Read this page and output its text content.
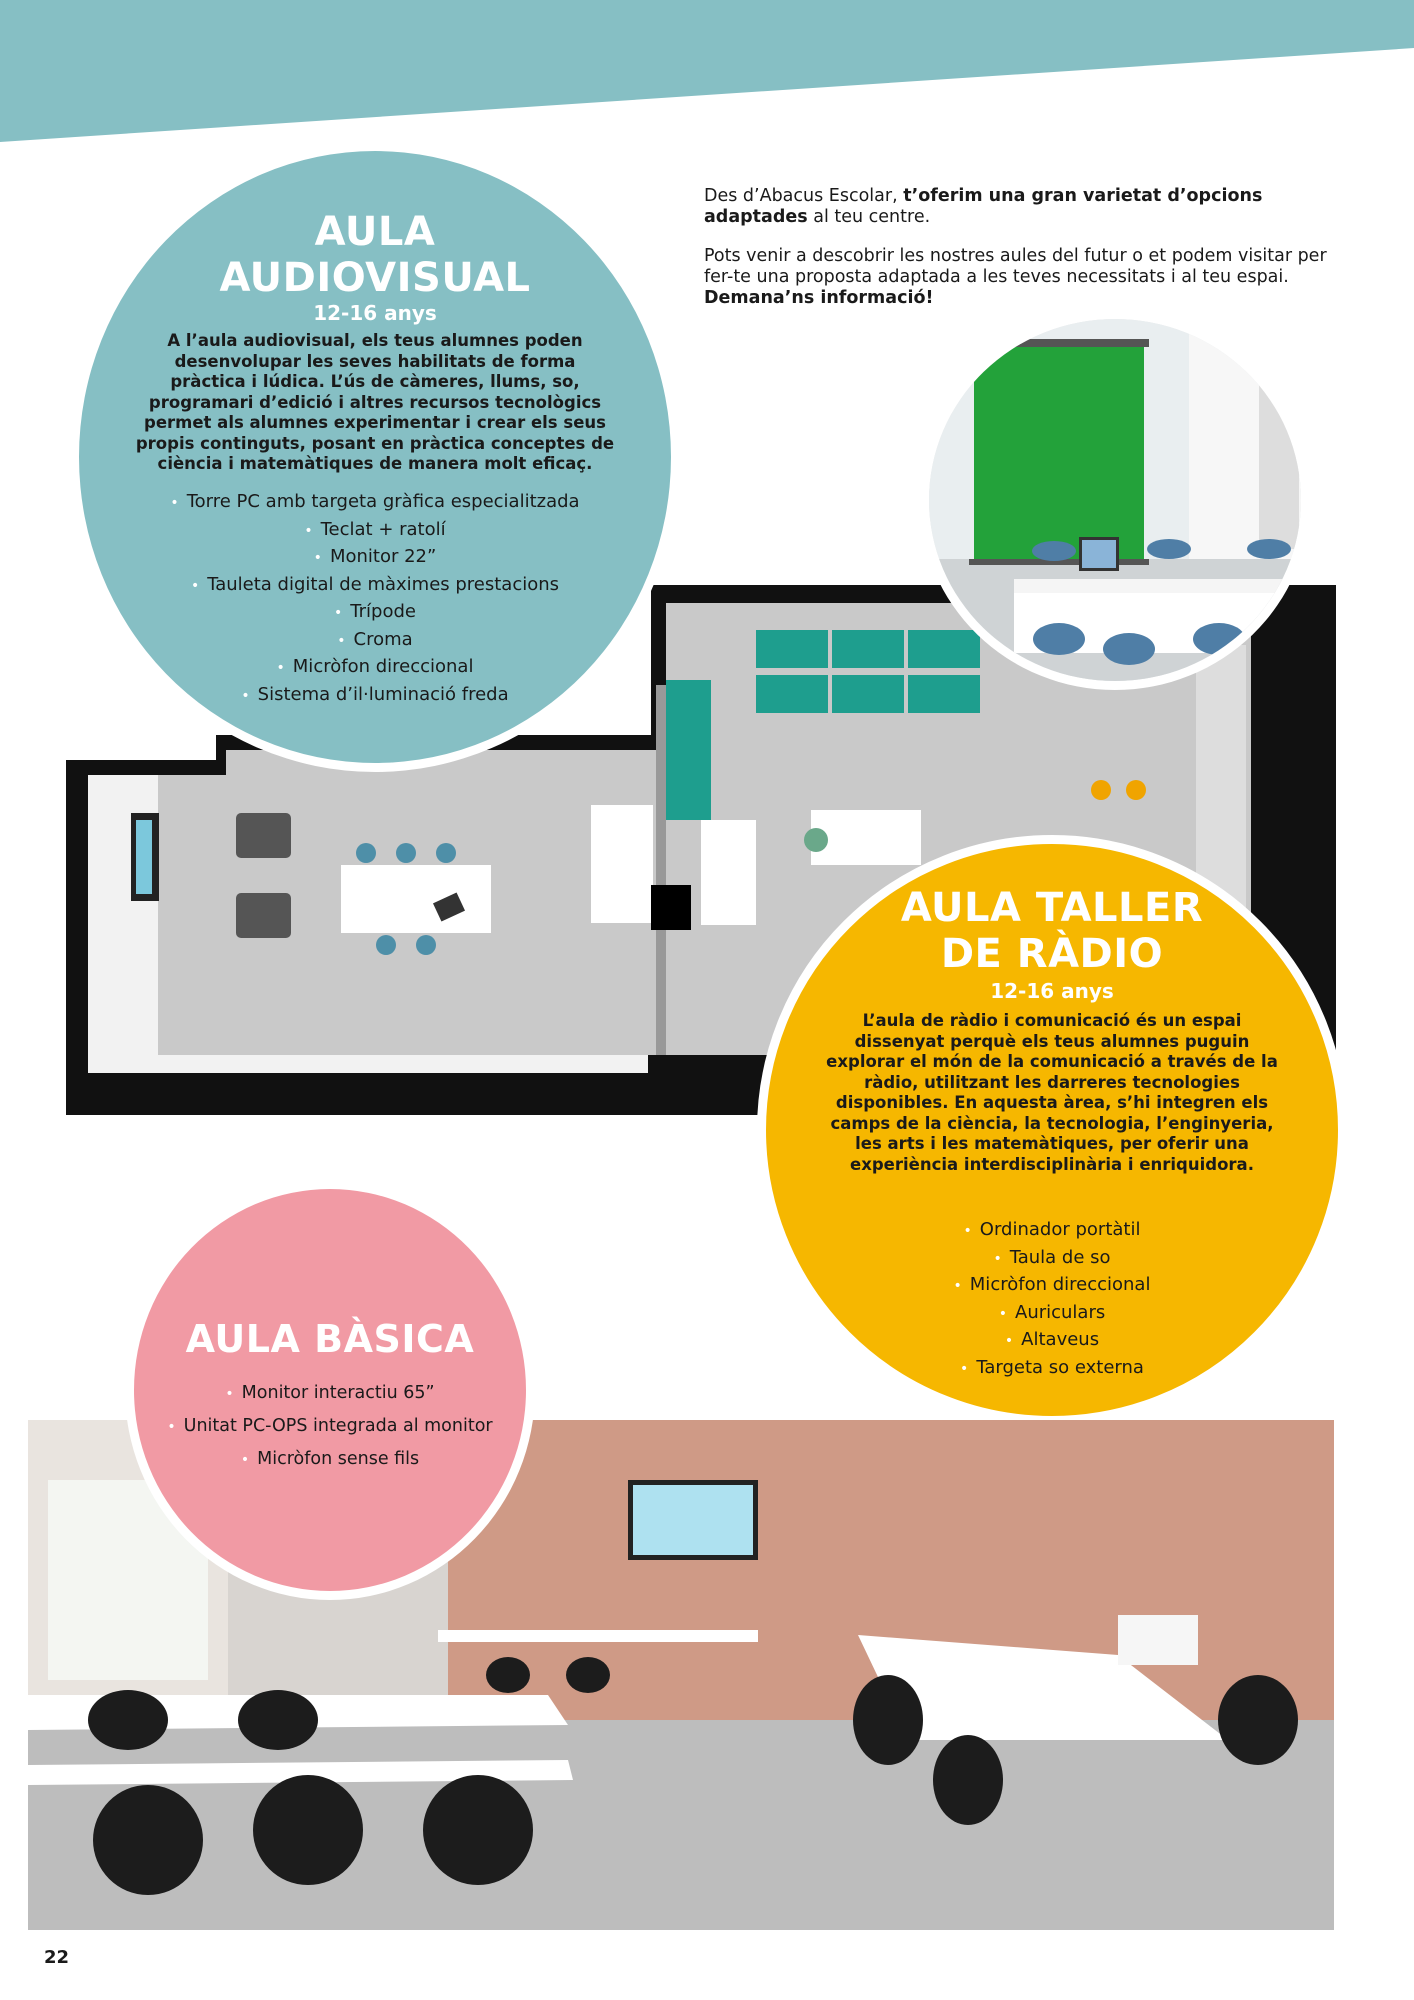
Des d’Abacus Escolar, t’oferim una gran varietat d’opcions adaptades al teu centre.

Pots venir a descobrir les nostres aules del futur o et podem visitar per fer-te una proposta adaptada a les teves necessitats i al teu espai.
Demana’ns informació!

AULA
AUDIOVISUAL
12-16 anys
A l’aula audiovisual, els teus alumnes poden desenvolupar les seves habilitats de forma pràctica i lúdica. L’ús de càmeres, llums, so, programari d’edició i altres recursos tecnològics permet als alumnes experimentar i crear els seus propis continguts, posant en pràctica conceptes de ciència i matemàtiques de manera molt eficaç.
• Torre PC amb targeta gràfica especialitzada
• Teclat + ratolí
• Monitor 22”
• Tauleta digital de màximes prestacions
• Trípode
• Croma
• Micròfon direccional
• Sistema d’il·luminació freda
AULA TALLER
DE RÀDIO
12-16 anys
L’aula de ràdio i comunicació és un espai dissenyat perquè els teus alumnes puguin explorar el món de la comunicació a través de la ràdio, utilitzant les darreres tecnologies disponibles. En aquesta àrea, s’hi integren els camps de la ciència, la tecnologia, l’enginyeria, les arts i les matemàtiques, per oferir una experiència interdisciplinària i enriquidora.
• Ordinador portàtil
• Taula de so
• Micròfon direccional
• Auriculars
• Altaveus
• Targeta so externa
AULA BÀSICA
• Monitor interactiu 65”
• Unitat PC-OPS integrada al monitor
• Micròfon sense fils
22
